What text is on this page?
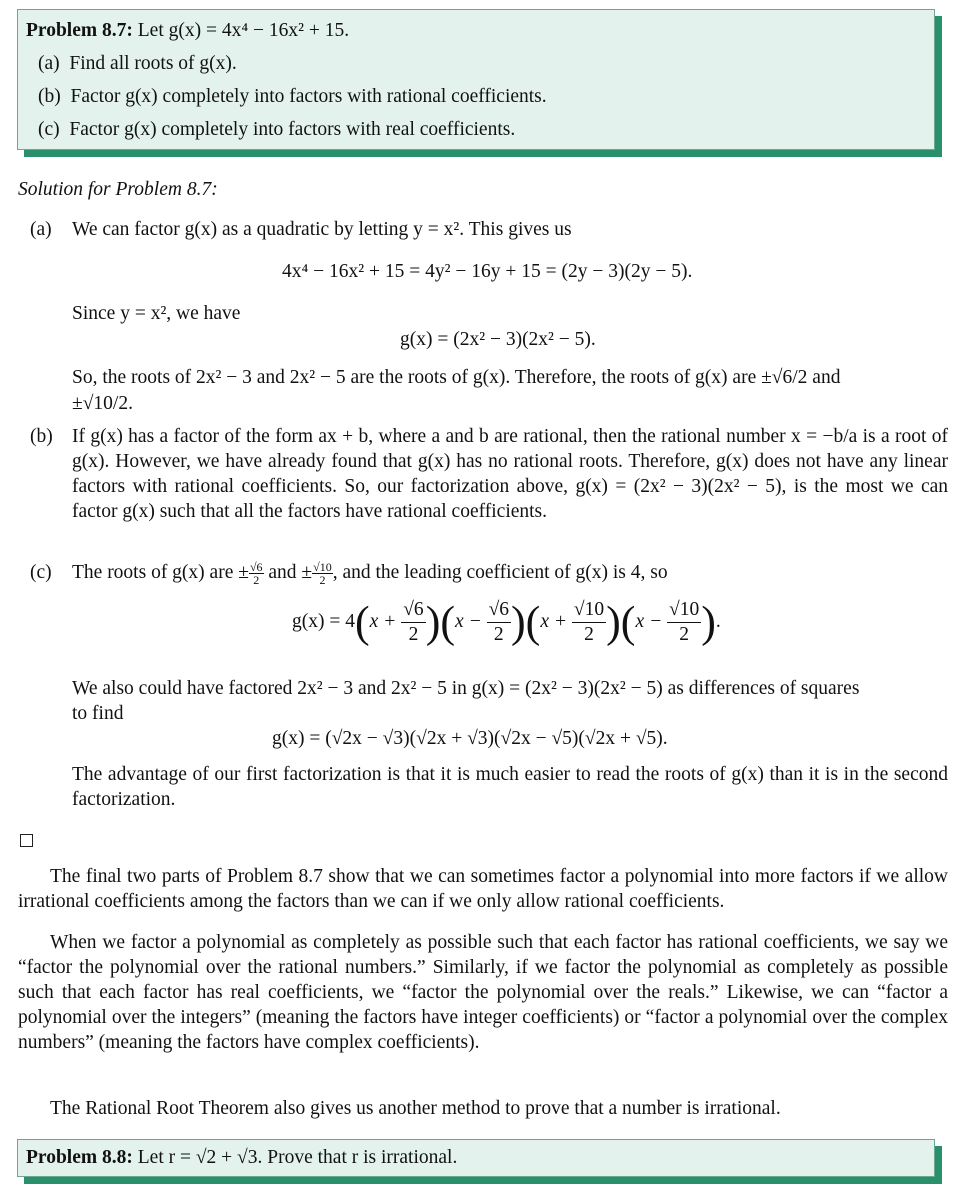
Problem 8.7: Let g(x) = 4x⁴ − 16x² + 15.
(a) Find all roots of g(x).
(b) Factor g(x) completely into factors with rational coefficients.
(c) Factor g(x) completely into factors with real coefficients.
Solution for Problem 8.7:
(a) We can factor g(x) as a quadratic by letting y = x². This gives us
4x⁴ − 16x² + 15 = 4y² − 16y + 15 = (2y − 3)(2y − 5).
Since y = x², we have
g(x) = (2x² − 3)(2x² − 5).
So, the roots of 2x² − 3 and 2x² − 5 are the roots of g(x). Therefore, the roots of g(x) are ±√6/2 and
±√10/2.
(b) If g(x) has a factor of the form ax + b, where a and b are rational, then the rational number x = −b/a is a root of g(x). However, we have already found that g(x) has no rational roots. Therefore, g(x) does not have any linear factors with rational coefficients. So, our factorization above, g(x) = (2x² − 3)(2x² − 5), is the most we can factor g(x) such that all the factors have rational coefficients.
(c) The roots of g(x) are ± $\frac{√6}{2}$ and ± $\frac{√10}{2}$ , and the leading coefficient of g(x) is 4, so
$g(x) = 4(x + \frac{√6}{2} )(x - \frac{√6}{2} )(x + \frac{√10}{2} )(x - \frac{√10}{2}$ ).
We also could have factored 2x² − 3 and 2x² − 5 in g(x) = (2x² − 3)(2x² − 5) as differences of squares
to find
g(x) = (√2x − √3)(√2x + √3)(√2x − √5)(√2x + √5).
The advantage of our first factorization is that it is much easier to read the roots of g(x) than it is in the second factorization.
The final two parts of Problem 8.7 show that we can sometimes factor a polynomial into more factors if we allow irrational coefficients among the factors than we can if we only allow rational coefficients.
When we factor a polynomial as completely as possible such that each factor has rational coefficients, we say we “factor the polynomial over the rational numbers.” Similarly, if we factor the polynomial as completely as possible such that each factor has real coefficients, we “factor the polynomial over the reals.” Likewise, we can “factor a polynomial over the integers” (meaning the factors have integer coefficients) or “factor a polynomial over the complex numbers” (meaning the factors have complex coefficients).
The Rational Root Theorem also gives us another method to prove that a number is irrational.
Problem 8.8: Let r = √2 + √3. Prove that r is irrational.
